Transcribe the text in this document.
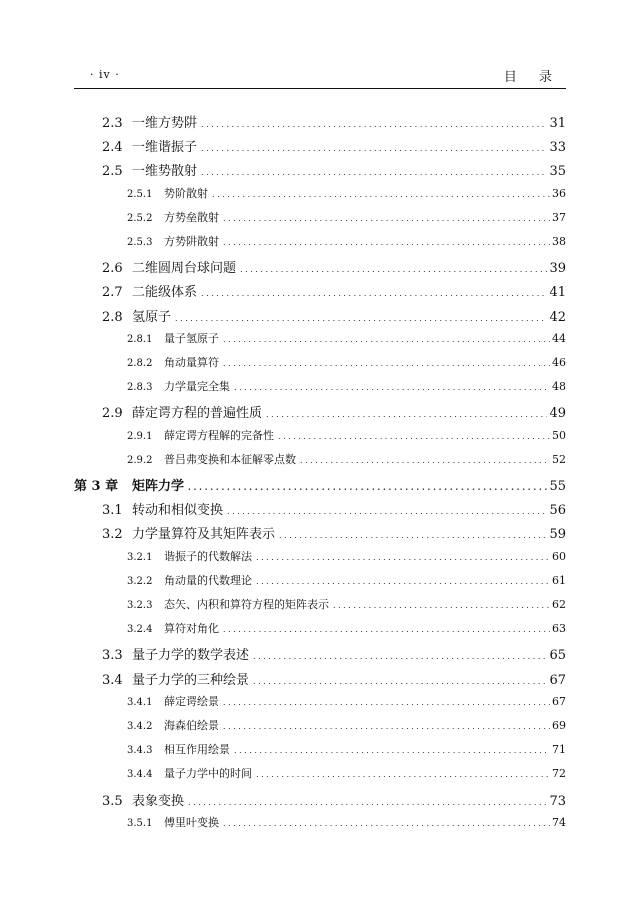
· iv ·	目 录
2.3 一维方势阱 . . .	31
2.4 一维谐振子 . . .	33
2.5 一维势散射 . . .	35
2.5.1	势阶散射 . . .	36
2.5.2	方势垒散射 . . .	37
2.5.3	方势阱散射 . . .	38
2.6 二维圆周台球问题 . . .	39
2.7 二能级体系 . . .	41
2.8 氢原子 . . .	42
2.8.1	量子氢原子 . . .	44
2.8.2	角动量算符 . . .	46
2.8.3	力学量完全集 . . .	48
2.9 薛定谔方程的普遍性质 . . .	49
2.9.1	薛定谔方程解的完备性 . . .	50
2.9.2	普吕弗变换和本征解零点数 . . .	52
第 3 章	矩阵力学 . . .	55
3.1 转动和相似变换 . . .	56
3.2 力学量算符及其矩阵表示 . . .	59
3.2.1	谐振子的代数解法 . . .	60
3.2.2	角动量的代数理论 . . .	61
3.2.3	态矢、内积和算符方程的矩阵表示 . . .	62
3.2.4	算符对角化 . . .	63
3.3 量子力学的数学表述 . . .	65
3.4 量子力学的三种绘景 . . .	67
3.4.1	薛定谔绘景 . . .	67
3.4.2	海森伯绘景 . . .	69
3.4.3	相互作用绘景 . . .	71
3.4.4	量子力学中的时间 . . .	72
3.5 表象变换 . . .	73
3.5.1	傅里叶变换 . . .	74
